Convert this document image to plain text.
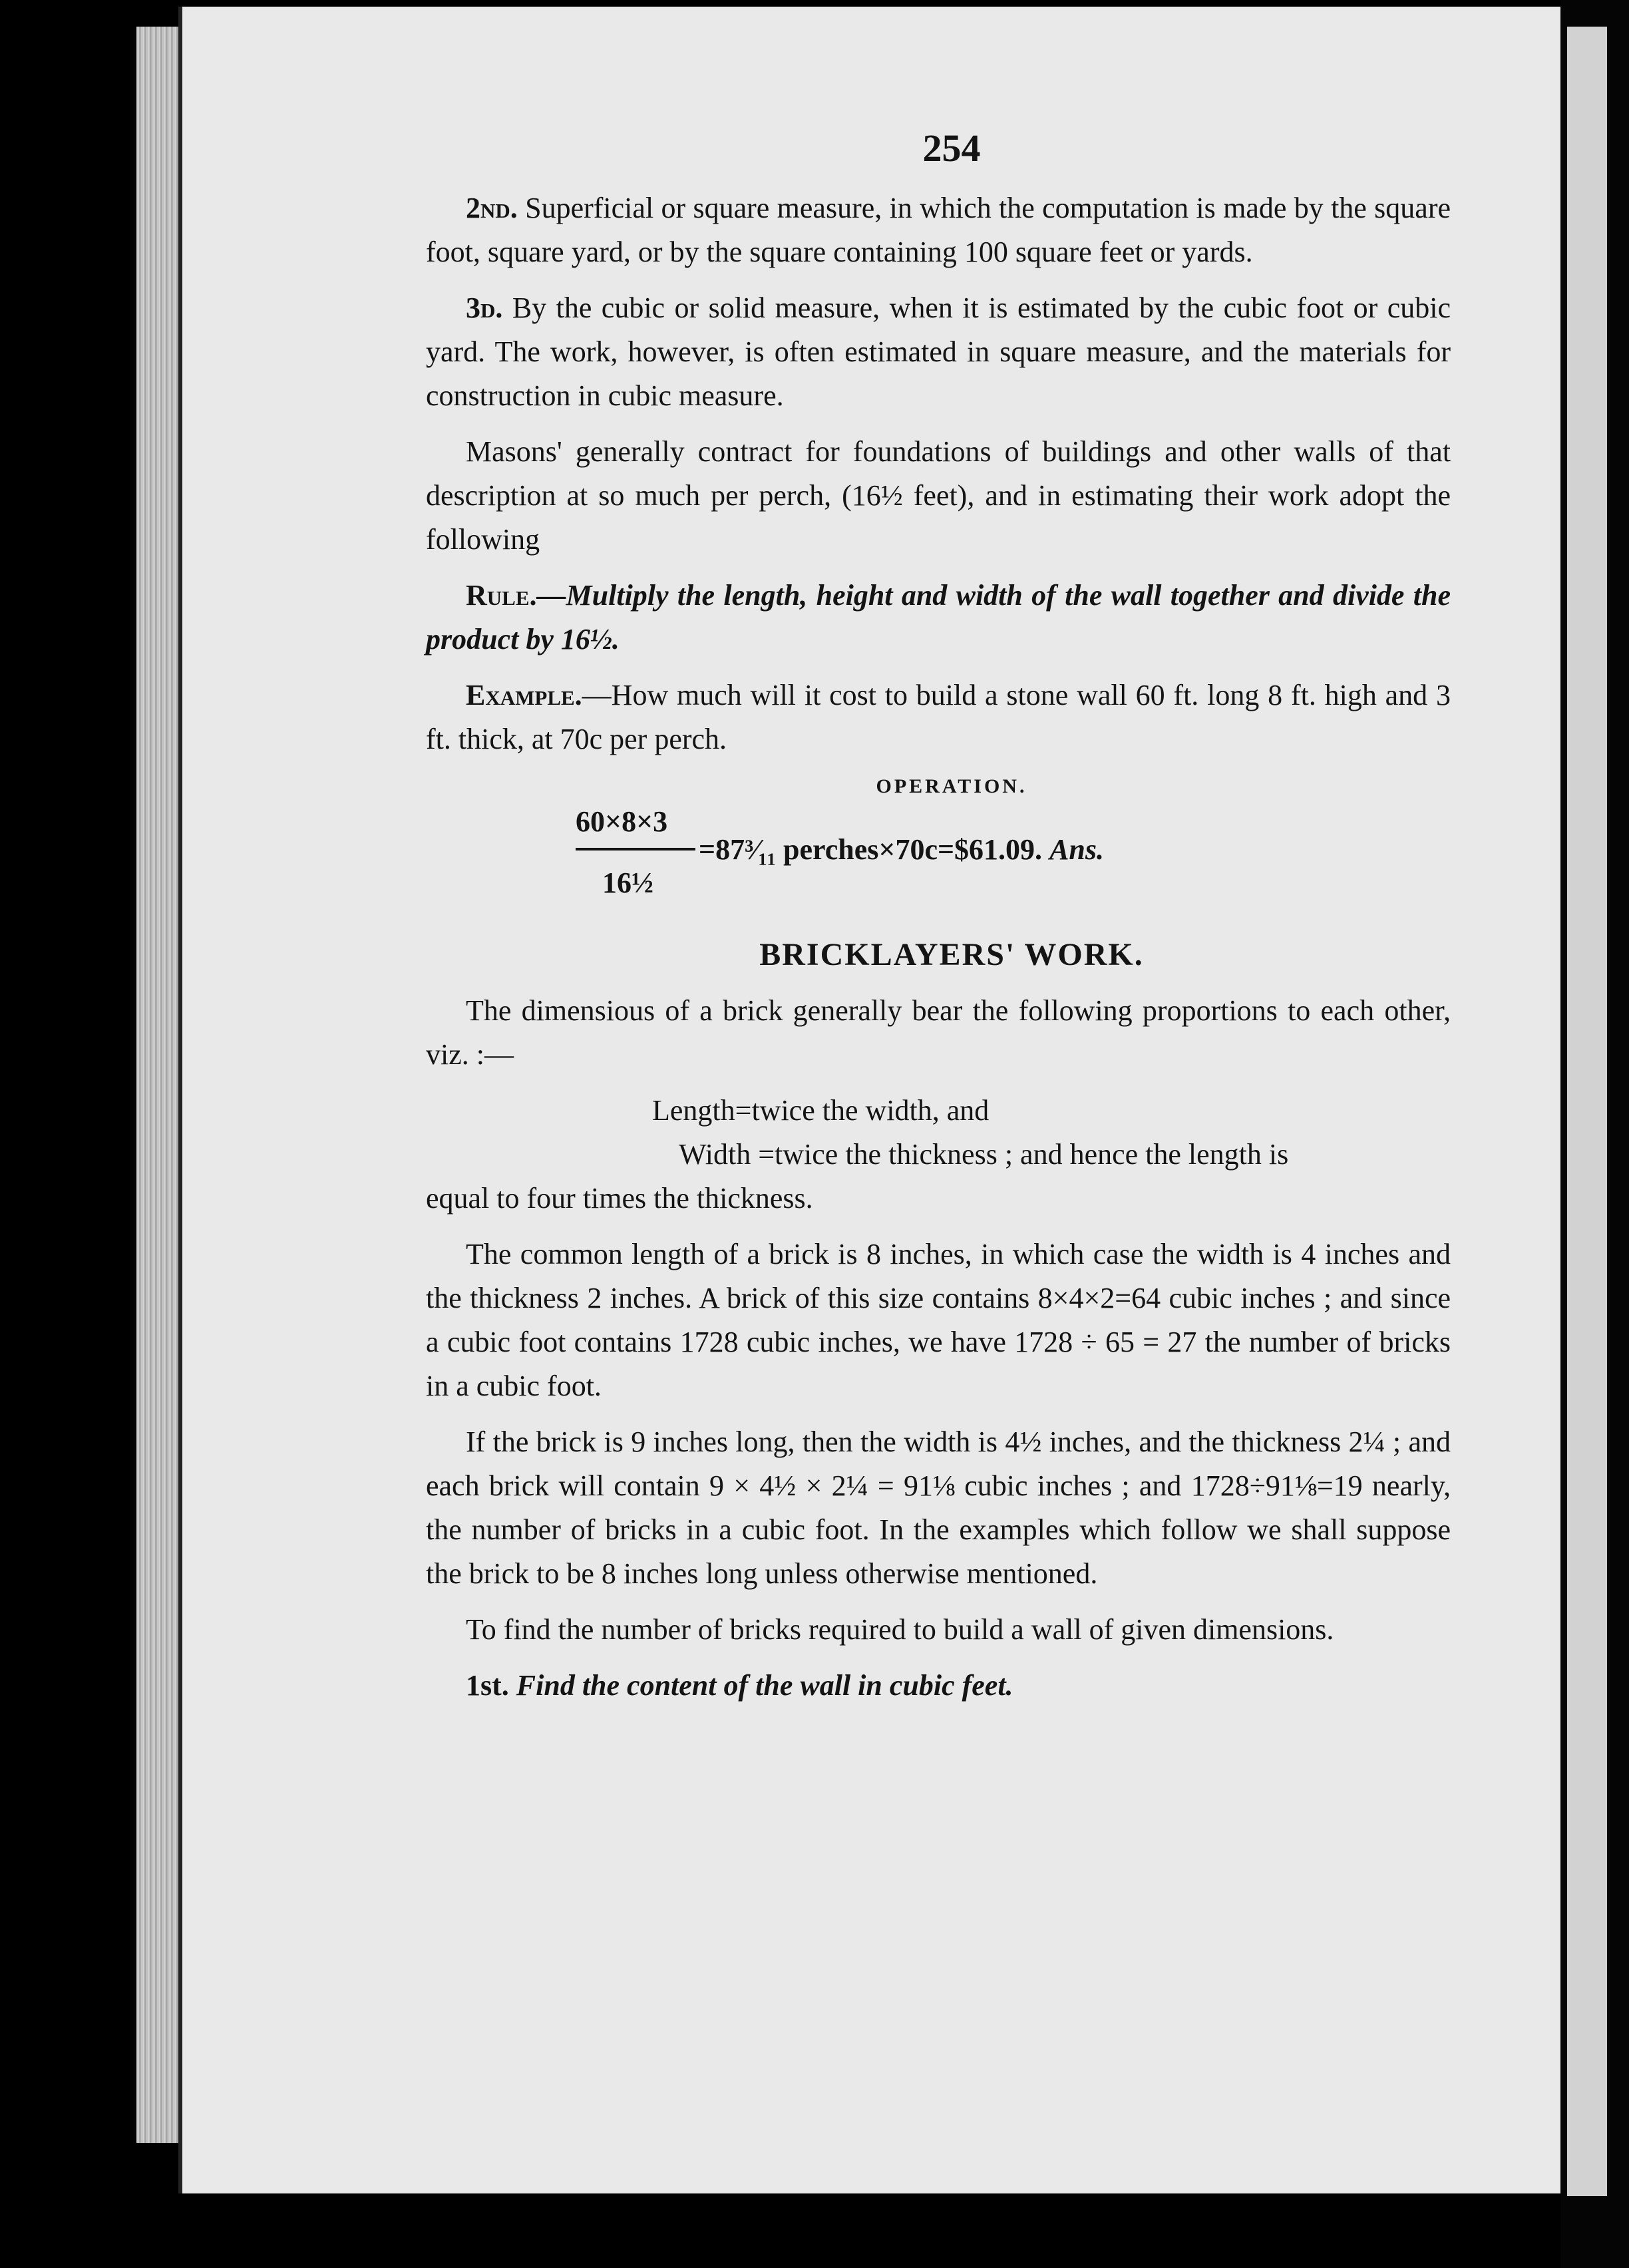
254

2nd. Superficial or square measure, in which the computation is made by the square foot, square yard, or by the square containing 100 square feet or yards.

3d. By the cubic or solid measure, when it is estimated by the cubic foot or cubic yard. The work, however, is often estimated in square measure, and the materials for construction in cubic measure.

Masons' generally contract for foundations of buildings and other walls of that description at so much per perch, (16½ feet), and in estimating their work adopt the following

Rule.—Multiply the length, height and width of the wall together and divide the product by 16½.

Example.—How much will it cost to build a stone wall 60 ft. long 8 ft. high and 3 ft. thick, at 70c per perch.

OPERATION.
60×8×3
16½
=87³⁄₁₁ perches×70c=$61.09. Ans.
BRICKLAYERS' WORK.

The dimensious of a brick generally bear the following proportions to each other, viz. :—

Length=twice the width, and

Width =twice the thickness ; and hence the length is

equal to four times the thickness.

The common length of a brick is 8 inches, in which case the width is 4 inches and the thickness 2 inches. A brick of this size contains 8×4×2=64 cubic inches ; and since a cubic foot contains 1728 cubic inches, we have 1728 ÷ 65 = 27 the number of bricks in a cubic foot.

If the brick is 9 inches long, then the width is 4½ inches, and the thickness 2¼ ; and each brick will contain 9 × 4½ × 2¼ = 91⅛ cubic inches ; and 1728÷91⅛=19 nearly, the number of bricks in a cubic foot. In the examples which follow we shall suppose the brick to be 8 inches long unless otherwise mentioned.

To find the number of bricks required to build a wall of given dimensions.

1st. Find the content of the wall in cubic feet.
